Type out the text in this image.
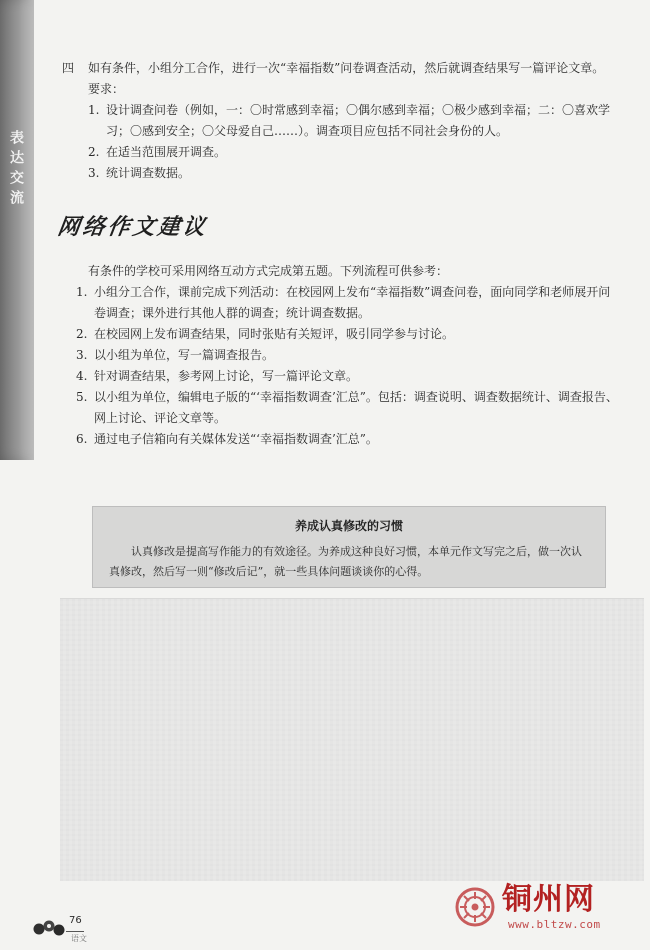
表达交流
四 如有条件，小组分工合作，进行一次“幸福指数”问卷调查活动，然后就调查结果写一篇评论文章。
要求：
1. 设计调查问卷（例如，一：〇时常感到幸福；〇偶尔感到幸福；〇极少感到幸福；二：〇喜欢学习；〇感到安全；〇父母爱自己……）。调查项目应包括不同社会身份的人。
2. 在适当范围展开调查。
3. 统计调查数据。
网络作文建议
有条件的学校可采用网络互动方式完成第五题。下列流程可供参考：
1. 小组分工合作，课前完成下列活动：在校园网上发布“幸福指数”调查问卷，面向同学和老师展开问卷调查；课外进行其他人群的调查；统计调查数据。
2. 在校园网上发布调查结果，同时张贴有关短评，吸引同学参与讨论。
3. 以小组为单位，写一篇调查报告。
4. 针对调查结果，参考网上讨论，写一篇评论文章。
5. 以小组为单位，编辑电子版的“‘幸福指数调查’汇总”。包括：调查说明、调查数据统计、调查报告、网上讨论、评论文章等。
6. 通过电子信箱向有关媒体发送“‘幸福指数调查’汇总”。
养成认真修改的习惯
认真修改是提高写作能力的有效途径。为养成这种良好习惯，本单元作文写完之后，做一次认真修改，然后写一则“修改后记”，就一些具体问题谈谈你的心得。
76
语文
铜州网
www.bltzw.com
